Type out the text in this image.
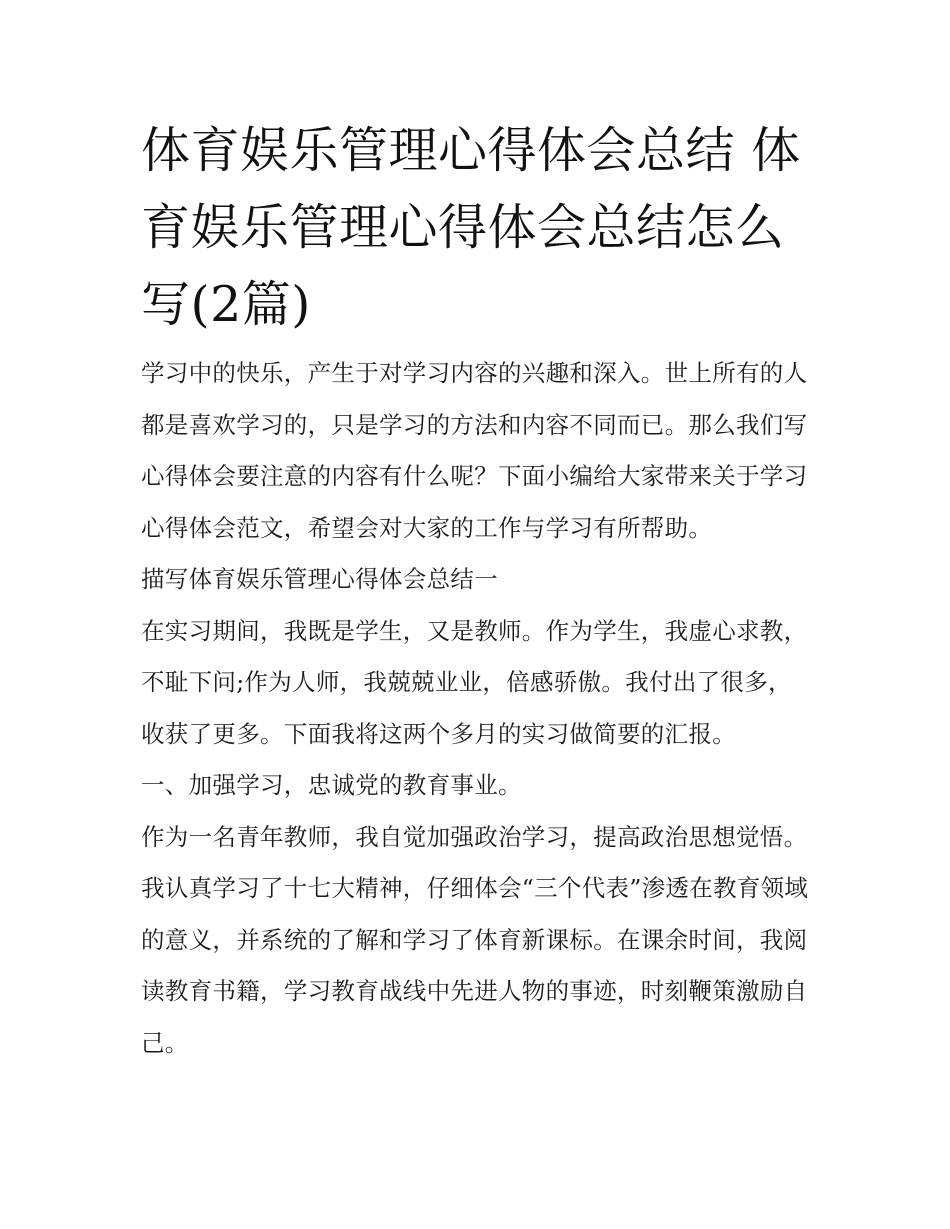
体育娱乐管理心得体会总结 体育娱乐管理心得体会总结怎么写(2篇)

学习中的快乐，产生于对学习内容的兴趣和深入。世上所有的人都是喜欢学习的，只是学习的方法和内容不同而已。那么我们写心得体会要注意的内容有什么呢？下面小编给大家带来关于学习心得体会范文，希望会对大家的工作与学习有所帮助。

描写体育娱乐管理心得体会总结一

在实习期间，我既是学生，又是教师。作为学生，我虚心求教，不耻下问;作为人师，我兢兢业业，倍感骄傲。我付出了很多，收获了更多。下面我将这两个多月的实习做简要的汇报。

一、加强学习，忠诚党的教育事业。

作为一名青年教师，我自觉加强政治学习，提高政治思想觉悟。我认真学习了十七大精神，仔细体会“三个代表”渗透在教育领域的意义，并系统的了解和学习了体育新课标。在课余时间，我阅读教育书籍，学习教育战线中先进人物的事迹，时刻鞭策激励自己。
